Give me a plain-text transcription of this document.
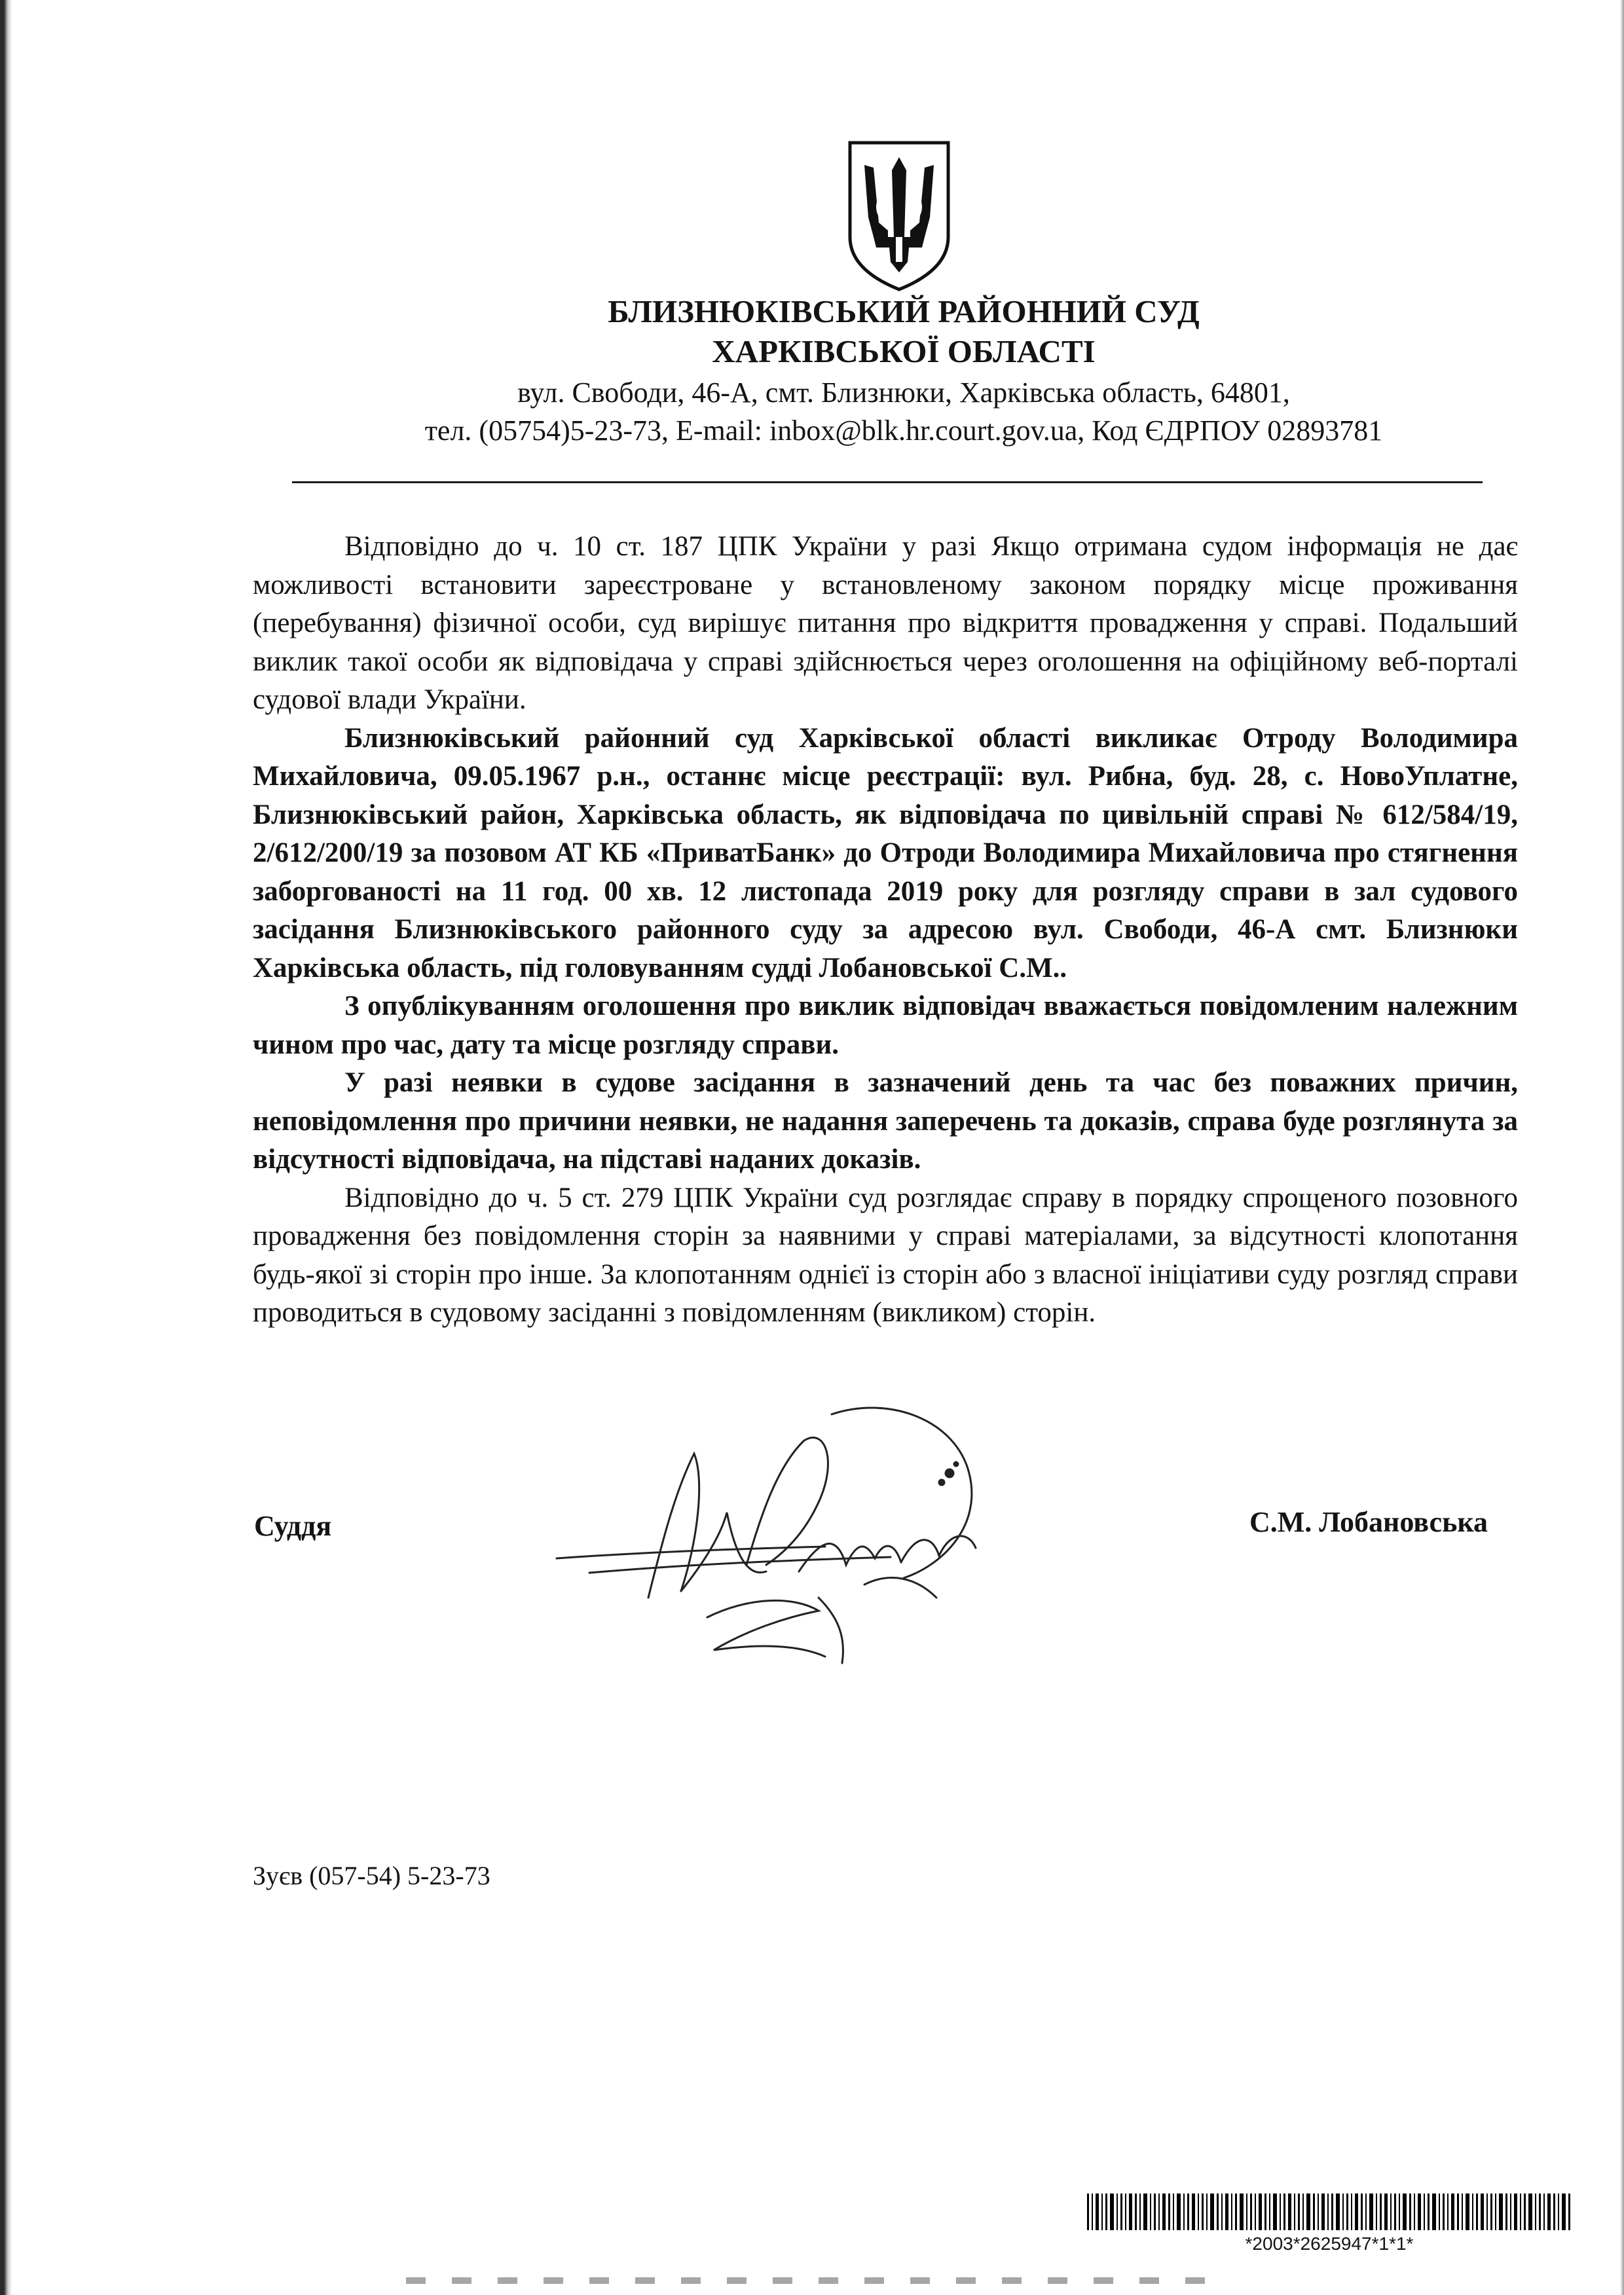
БЛИЗНЮКІВСЬКИЙ РАЙОННИЙ СУД
ХАРКІВСЬКОЇ ОБЛАСТІ
вул. Свободи, 46-А, смт. Близнюки, Харківська область, 64801,
тел. (05754)5-23-73, E-mail: inbox@blk.hr.court.gov.ua, Код ЄДРПОУ 02893781

Відповідно до ч. 10 ст. 187 ЦПК України у разі Якщо отримана судом інформація не дає можливості встановити зареєстроване у встановленому законом порядку місце проживання (перебування) фізичної особи, суд вирішує питання про відкриття провадження у справі. Подальший виклик такої особи як відповідача у справі здійснюється через оголошення на офіційному веб-порталі судової влади України.

Близнюківський районний суд Харківської області викликає Отроду Володимира Михайловича, 09.05.1967 р.н., останнє місце реєстрації: вул. Рибна, буд. 28, с. НовоУплатне, Близнюківський район, Харківська область, як відповідача по цивільній справі № 612/584/19, 2/612/200/19 за позовом АТ КБ «ПриватБанк» до Отроди Володимира Михайловича про стягнення заборгованості на 11 год. 00 хв. 12 листопада 2019 року для розгляду справи в зал судового засідання Близнюківського районного суду за адресою вул. Свободи, 46-А смт. Близнюки Харківська область, під головуванням судді Лобановської С.М..

З опублікуванням оголошення про виклик відповідач вважається повідомленим належним чином про час, дату та місце розгляду справи.

У разі неявки в судове засідання в зазначений день та час без поважних причин, неповідомлення про причини неявки, не надання заперечень та доказів, справа буде розглянута за відсутності відповідача, на підставі наданих доказів.

Відповідно до ч. 5 ст. 279 ЦПК України суд розглядає справу в порядку спрощеного позовного провадження без повідомлення сторін за наявними у справі матеріалами, за відсутності клопотання будь-якої зі сторін про інше. За клопотанням однієї із сторін або з власної ініціативи суду розгляд справи проводиться в судовому засіданні з повідомленням (викликом) сторін.

Суддя	С.М. Лобановська
Зуєв (057-54) 5-23-73
*2003*2625947*1*1*
